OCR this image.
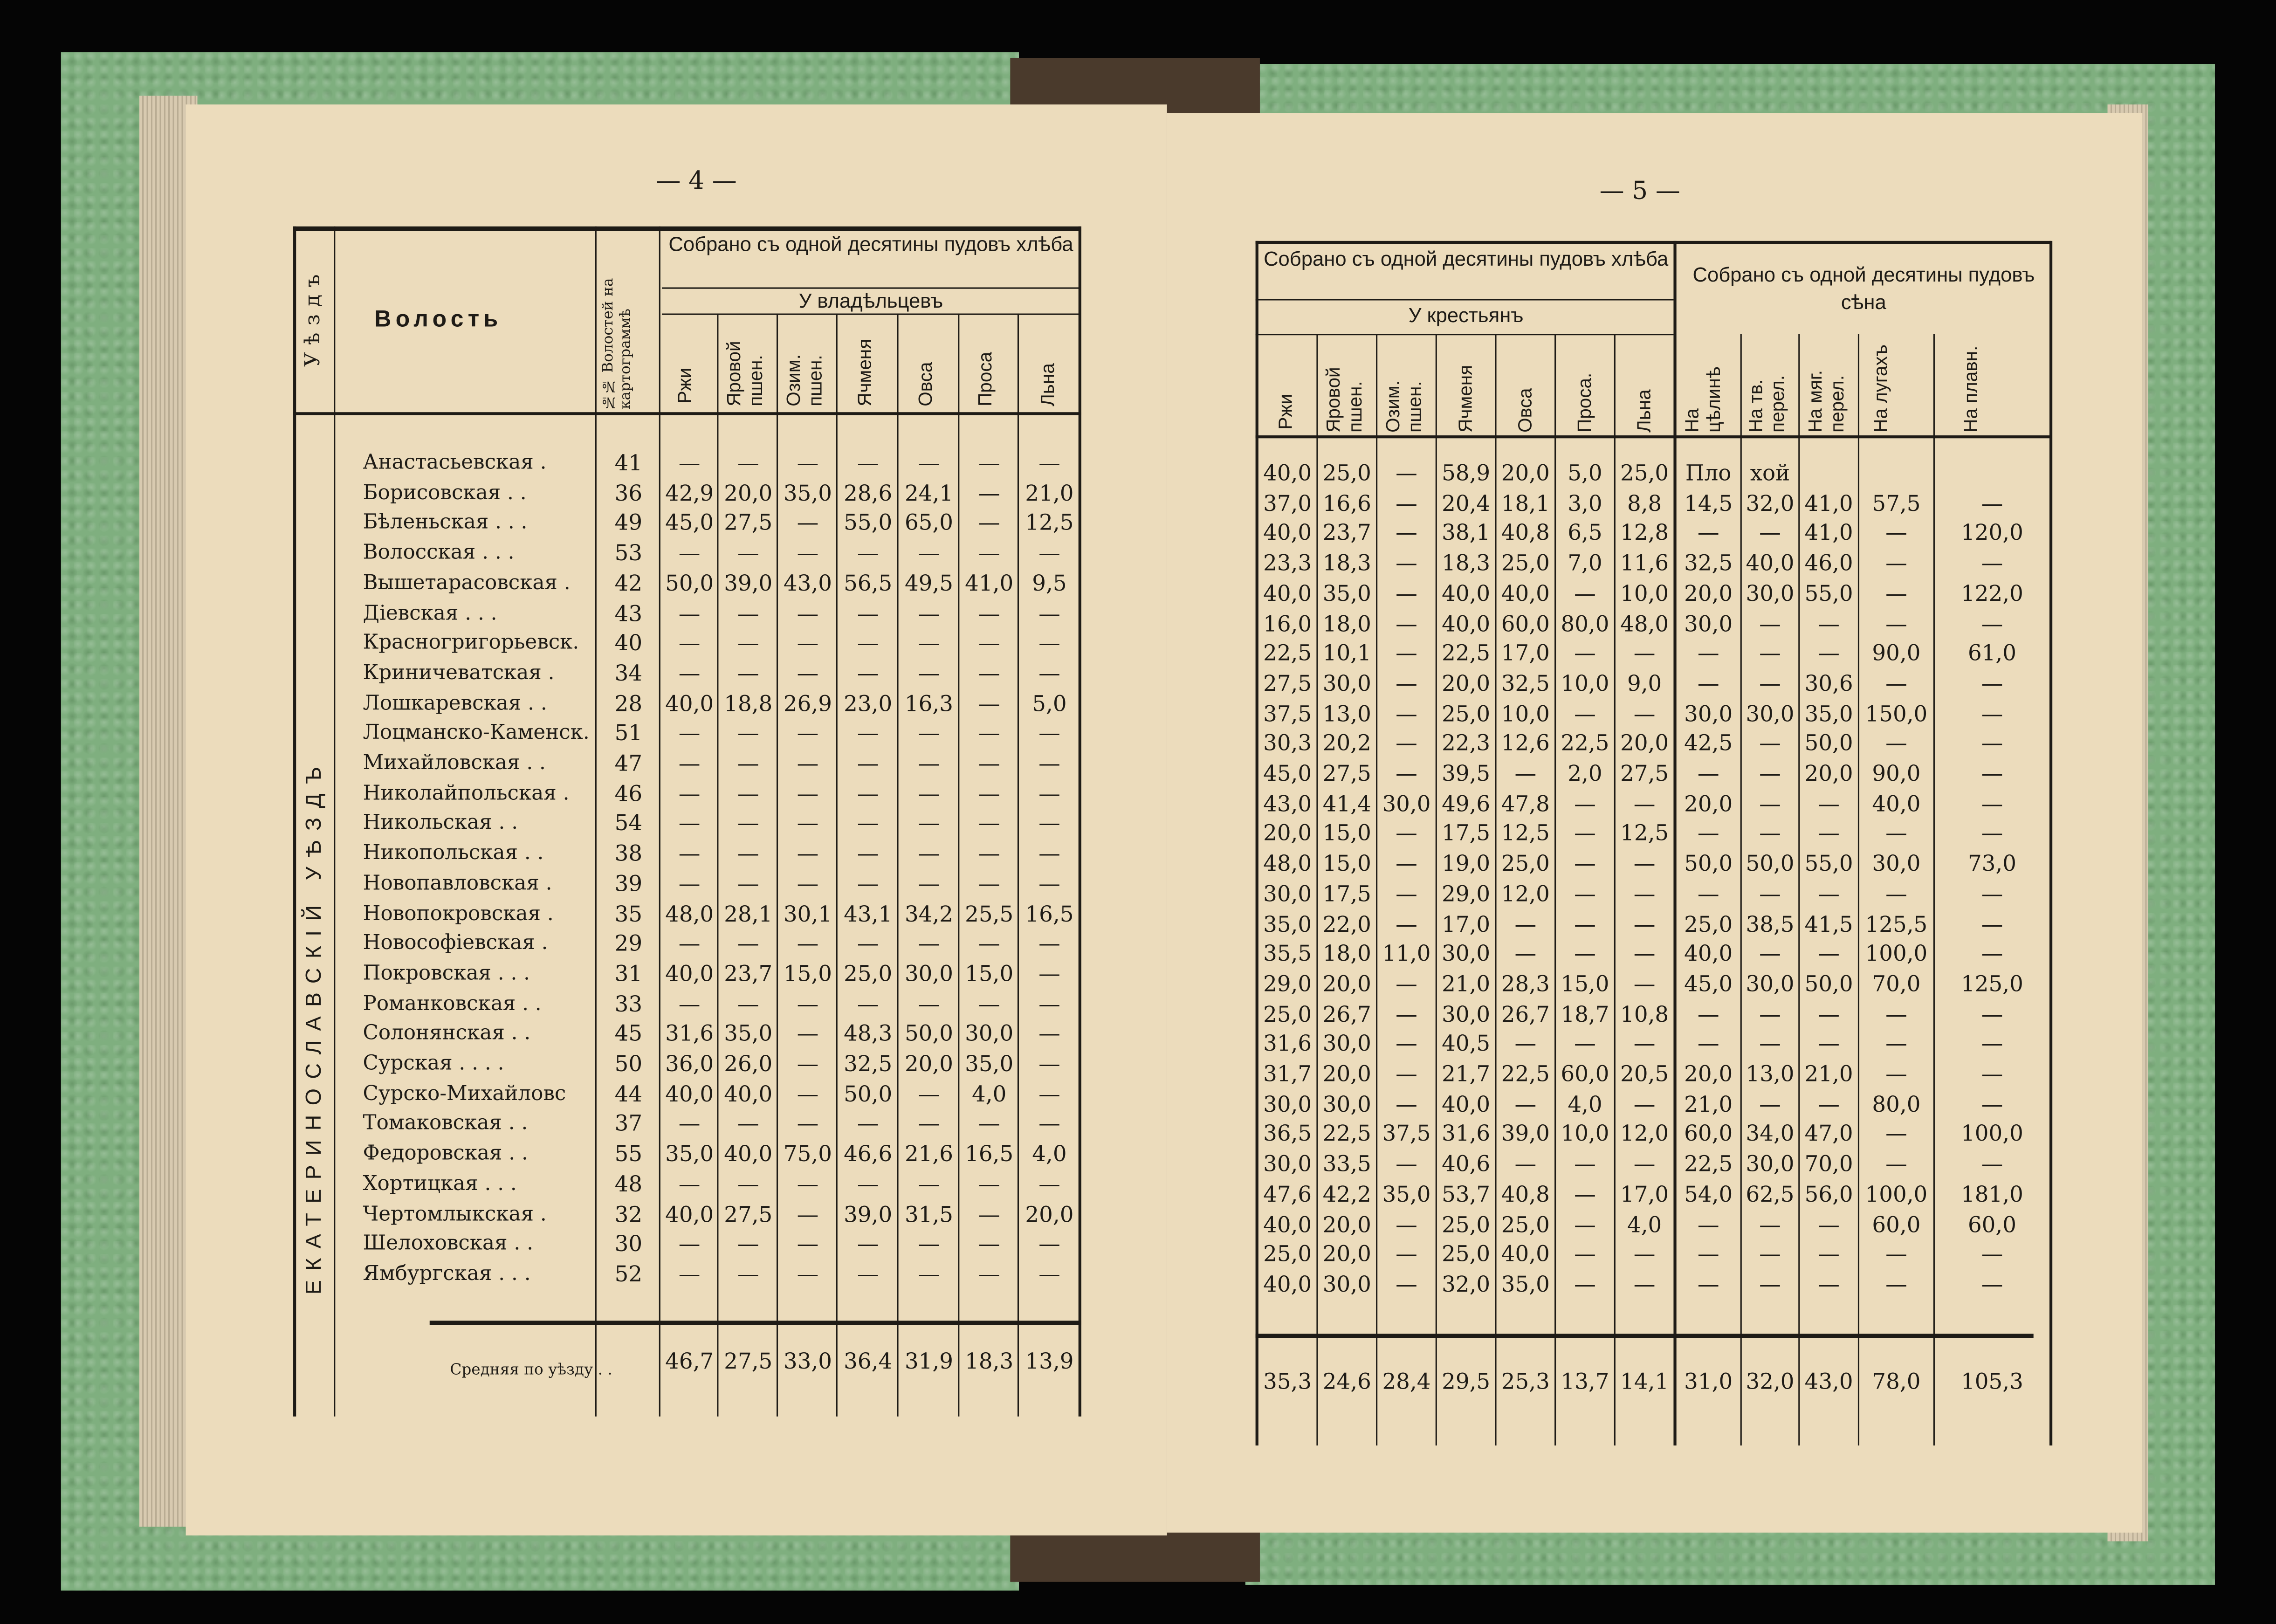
— 4 —
Уѣздъ	Волость	№№ Волостей на картограммѣ
Собрано съ одной десятины пудовъ хлѣба
У владѣльцевъ
Ржи	Яровой пшен.	Озим. пшен.	Ячменя	Овса	Проса	Льна
ЕКАТЕРИНОСЛАВСКІЙ УѢЗДЪ
Анастасьевская .	41	—	—	—	—	—	—	—
Борисовская . .	36	42,9	20,0	35,0	28,6	24,1	—	21,0
Бѣленьская . . .	49	45,0	27,5	—	55,0	65,0	—	12,5
Волосская . . .	53	—	—	—	—	—	—	—
Вышетарасовская .	42	50,0	39,0	43,0	56,5	49,5	41,0	9,5
Діевская . . .	43	—	—	—	—	—	—	—
Красногригорьевск.	40	—	—	—	—	—	—	—
Криничеватская .	34	—	—	—	—	—	—	—
Лошкаревская . .	28	40,0	18,8	26,9	23,0	16,3	—	5,0
Лоцманско-Каменск.	51	—	—	—	—	—	—	—
Михайловская . .	47	—	—	—	—	—	—	—
Николайпольская .	46	—	—	—	—	—	—	—
Никольская . .	54	—	—	—	—	—	—	—
Никопольская . .	38	—	—	—	—	—	—	—
Новопавловская .	39	—	—	—	—	—	—	—
Новопокровская .	35	48,0	28,1	30,1	43,1	34,2	25,5	16,5
Новософіевская .	29	—	—	—	—	—	—	—
Покровская . . .	31	40,0	23,7	15,0	25,0	30,0	15,0	—
Романковская . .	33	—	—	—	—	—	—	—
Солонянская . .	45	31,6	35,0	—	48,3	50,0	30,0	—
Сурская . . . .	50	36,0	26,0	—	32,5	20,0	35,0	—
Сурско-Михайловс	44	40,0	40,0	—	50,0	—	4,0	—
Томаковская . .	37	—	—	—	—	—	—	—
Федоровская . .	55	35,0	40,0	75,0	46,6	21,6	16,5	4,0
Хортицкая . . .	48	—	—	—	—	—	—	—
Чертомлыкская .	32	40,0	27,5	—	39,0	31,5	—	20,0
Шелоховская . .	30	—	—	—	—	—	—	—
Ямбургская . . .	52	—	—	—	—	—	—	—
Средняя по уѣзду . .	46,7	27,5	33,0	36,4	31,9	18,3	13,9
— 5 —
Собрано съ одной десятины пудовъ хлѣба
У крестьянъ
Собрано съ одной десятины пудовъ сѣна
Ржи	Яровой пшен.	Озим. пшен.	Ячменя	Овса	Проса.	Льна	На цѣлинѣ	На тв. перел.	На мяг. перел.	На лугахъ	На плавн.
40,0	25,0	—	58,9	20,0	5,0	25,0	Пло	хой
37,0	16,6	—	20,4	18,1	3,0	8,8	14,5	32,0	41,0	57,5	—
40,0	23,7	—	38,1	40,8	6,5	12,8	—	—	41,0	—	120,0
23,3	18,3	—	18,3	25,0	7,0	11,6	32,5	40,0	46,0	—	—
40,0	35,0	—	40,0	40,0	—	10,0	20,0	30,0	55,0	—	122,0
16,0	18,0	—	40,0	60,0	80,0	48,0	30,0	—	—	—	—
22,5	10,1	—	22,5	17,0	—	—	—	—	—	90,0	61,0
27,5	30,0	—	20,0	32,5	10,0	9,0	—	—	30,6	—	—
37,5	13,0	—	25,0	10,0	—	—	30,0	30,0	35,0	150,0	—
30,3	20,2	—	22,3	12,6	22,5	20,0	42,5	—	50,0	—	—
45,0	27,5	—	39,5	—	2,0	27,5	—	—	20,0	90,0	—
43,0	41,4	30,0	49,6	47,8	—	—	20,0	—	—	40,0	—
20,0	15,0	—	17,5	12,5	—	12,5	—	—	—	—	—
48,0	15,0	—	19,0	25,0	—	—	50,0	50,0	55,0	30,0	73,0
30,0	17,5	—	29,0	12,0	—	—	—	—	—	—	—
35,0	22,0	—	17,0	—	—	—	25,0	38,5	41,5	125,5	—
35,5	18,0	11,0	30,0	—	—	—	40,0	—	—	100,0	—
29,0	20,0	—	21,0	28,3	15,0	—	45,0	30,0	50,0	70,0	125,0
25,0	26,7	—	30,0	26,7	18,7	10,8	—	—	—	—	—
31,6	30,0	—	40,5	—	—	—	—	—	—	—	—
31,7	20,0	—	21,7	22,5	60,0	20,5	20,0	13,0	21,0	—	—
30,0	30,0	—	40,0	—	4,0	—	21,0	—	—	80,0	—
36,5	22,5	37,5	31,6	39,0	10,0	12,0	60,0	34,0	47,0	—	100,0
30,0	33,5	—	40,6	—	—	—	22,5	30,0	70,0	—	—
47,6	42,2	35,0	53,7	40,8	—	17,0	54,0	62,5	56,0	100,0	181,0
40,0	20,0	—	25,0	25,0	—	4,0	—	—	—	60,0	60,0
25,0	20,0	—	25,0	40,0	—	—	—	—	—	—	—
40,0	30,0	—	32,0	35,0	—	—	—	—	—	—	—
35,3	24,6	28,4	29,5	25,3	13,7	14,1	31,0	32,0	43,0	78,0	105,3
